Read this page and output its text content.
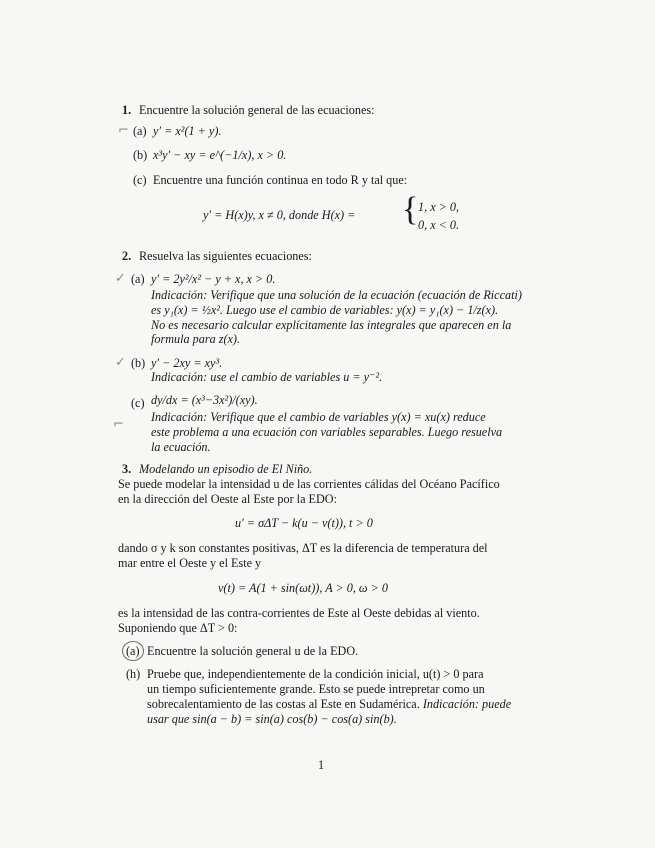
1. Encuentre la solución general de las ecuaciones:
⌐ (a) y′ = x²(1 + y).
(b) x³y′ − xy = e^(−1/x), x > 0.
(c) Encuentre una función continua en todo R y tal que:
y′ = H(x)y, x ≠ 0, donde H(x) = { 1, x > 0,
0, x < 0.
2. Resuelva las siguientes ecuaciones:
✓ (a) y′ = 2y²/x² − y + x, x > 0.
Indicación: Verifique que una solución de la ecuación (ecuación de Riccati)
es y₁(x) = ½x². Luego use el cambio de variables: y(x) = y₁(x) − 1/z(x).
No es necesario calcular explícitamente las integrales que aparecen en la
formula para z(x).
✓ (b) y′ − 2xy = xy³.
Indicación: use el cambio de variables u = y⁻².
(c) dy/dx = (x³−3x²)/(xy).
⌐ Indicación: Verifique que el cambio de variables y(x) = xu(x) reduce
este problema a una ecuación con variables separables. Luego resuelva
la ecuación.
3. Modelando un episodio de El Niño.
Se puede modelar la intensidad u de las corrientes cálidas del Océano Pacífico
en la dirección del Oeste al Este por la EDO:
u′ = σΔT − k(u − v(t)), t > 0
dando σ y k son constantes positivas, ΔT es la diferencia de temperatura del
mar entre el Oeste y el Este y
v(t) = A(1 + sin(ωt)), A > 0, ω > 0
es la intensidad de las contra-corrientes de Este al Oeste debidas al viento.
Suponiendo que ΔT > 0:
(a) Encuentre la solución general u de la EDO.
(h) Pruebe que, independientemente de la condición inicial, u(t) > 0 para
un tiempo suficientemente grande. Esto se puede intrepretar como un
sobrecalentamiento de las costas al Este en Sudamérica. Indicación: puede
usar que sin(a − b) = sin(a) cos(b) − cos(a) sin(b).
1
